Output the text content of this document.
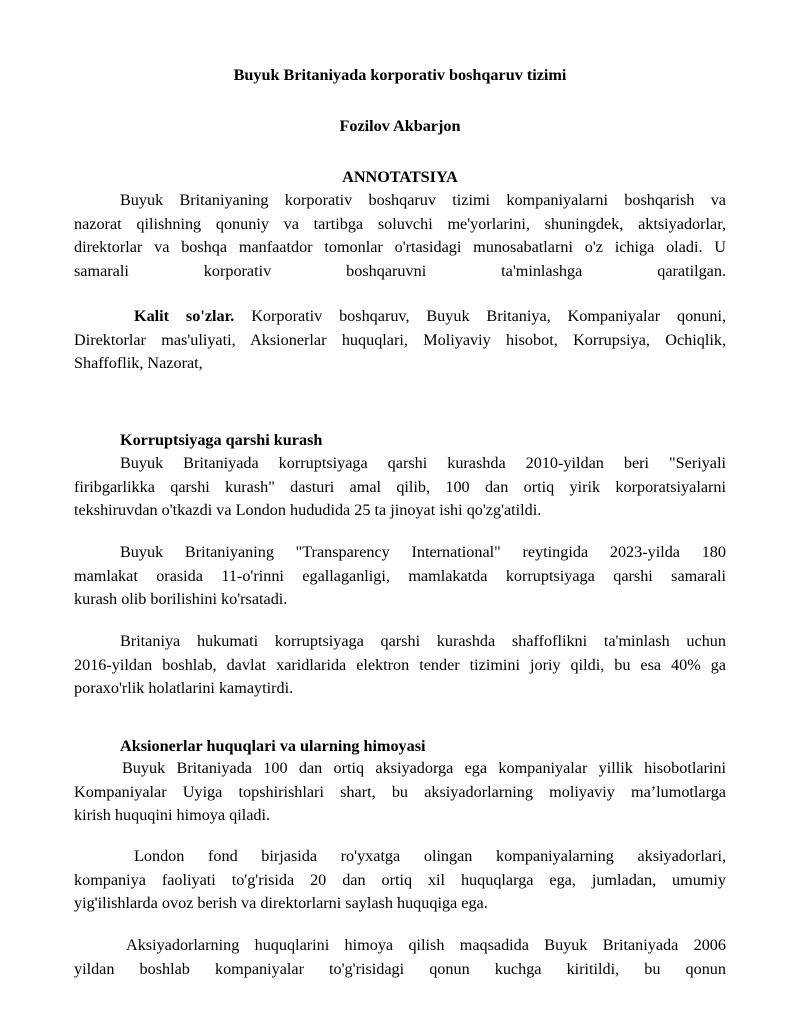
Buyuk Britaniyada korporativ boshqaruv tizimi
Fozilov Akbarjon
ANNOTATSIYA
Buyuk Britaniyaning korporativ boshqaruv tizimi kompaniyalarni boshqarish va
nazorat qilishning qonuniy va tartibga soluvchi me'yorlarini, shuningdek, aktsiyadorlar,
direktorlar va boshqa manfaatdor tomonlar o'rtasidagi munosabatlarni o'z ichiga oladi. U
samarali korporativ boshqaruvni ta'minlashga qaratilgan.
Kalit so'zlar. Korporativ boshqaruv, Buyuk Britaniya, Kompaniyalar qonuni,
Direktorlar mas'uliyati, Aksionerlar huquqlari, Moliyaviy hisobot, Korrupsiya, Ochiqlik,
Shaffoflik, Nazorat,
Korruptsiyaga qarshi kurash
Buyuk Britaniyada korruptsiyaga qarshi kurashda 2010-yildan beri "Seriyali
firibgarlikka qarshi kurash" dasturi amal qilib, 100 dan ortiq yirik korporatsiyalarni
tekshiruvdan o'tkazdi va London hududida 25 ta jinoyat ishi qo'zg'atildi.
Buyuk Britaniyaning "Transparency International" reytingida 2023-yilda 180
mamlakat orasida 11-o'rinni egallaganligi, mamlakatda korruptsiyaga qarshi samarali
kurash olib borilishini ko'rsatadi.
Britaniya hukumati korruptsiyaga qarshi kurashda shaffoflikni ta'minlash uchun
2016-yildan boshlab, davlat xaridlarida elektron tender tizimini joriy qildi, bu esa 40% ga
poraxo'rlik holatlarini kamaytirdi.
Aksionerlar huquqlari va ularning himoyasi
Buyuk Britaniyada 100 dan ortiq aksiyadorga ega kompaniyalar yillik hisobotlarini
Kompaniyalar Uyiga topshirishlari shart, bu aksiyadorlarning moliyaviy ma’lumotlarga
kirish huquqini himoya qiladi.
London fond birjasida ro'yxatga olingan kompaniyalarning aksiyadorlari,
kompaniya faoliyati to'g'risida 20 dan ortiq xil huquqlarga ega, jumladan, umumiy
yig'ilishlarda ovoz berish va direktorlarni saylash huquqiga ega.
Aksiyadorlarning huquqlarini himoya qilish maqsadida Buyuk Britaniyada 2006
yildan boshlab kompaniyalar to'g'risidagi qonun kuchga kiritildi, bu qonun
